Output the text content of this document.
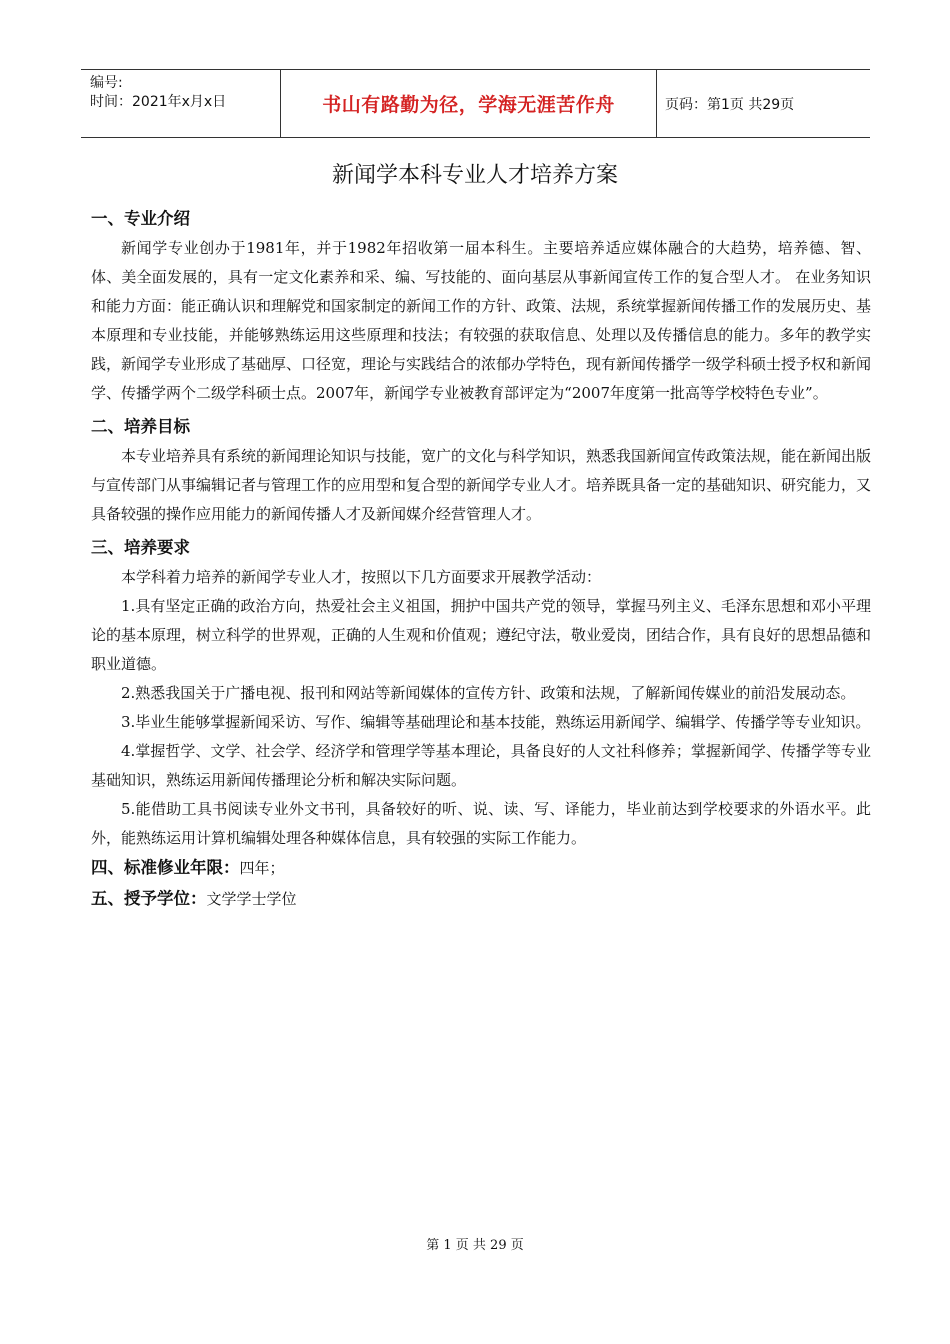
编号:
时间：2021年x月x日	书山有路勤为径，学海无涯苦作舟	页码：第1页 共29页
新闻学本科专业人才培养方案
一、专业介绍

新闻学专业创办于1981年，并于1982年招收第一届本科生。主要培养适应媒体融合的大趋势，培养德、智、体、美全面发展的，具有一定文化素养和采、编、写技能的、面向基层从事新闻宣传工作的复合型人才。 在业务知识和能力方面：能正确认识和理解党和国家制定的新闻工作的方针、政策、法规，系统掌握新闻传播工作的发展历史、基本原理和专业技能，并能够熟练运用这些原理和技法；有较强的获取信息、处理以及传播信息的能力。多年的教学实践，新闻学专业形成了基础厚、口径宽，理论与实践结合的浓郁办学特色，现有新闻传播学一级学科硕士授予权和新闻学、传播学两个二级学科硕士点。2007年，新闻学专业被教育部评定为“2007年度第一批高等学校特色专业”。

二、培养目标

本专业培养具有系统的新闻理论知识与技能，宽广的文化与科学知识，熟悉我国新闻宣传政策法规，能在新闻出版与宣传部门从事编辑记者与管理工作的应用型和复合型的新闻学专业人才。培养既具备一定的基础知识、研究能力，又具备较强的操作应用能力的新闻传播人才及新闻媒介经营管理人才。

三、培养要求

本学科着力培养的新闻学专业人才，按照以下几方面要求开展教学活动：

1.具有坚定正确的政治方向，热爱社会主义祖国，拥护中国共产党的领导，掌握马列主义、毛泽东思想和邓小平理论的基本原理，树立科学的世界观，正确的人生观和价值观；遵纪守法，敬业爱岗，团结合作，具有良好的思想品德和职业道德。

2.熟悉我国关于广播电视、报刊和网站等新闻媒体的宣传方针、政策和法规，了解新闻传媒业的前沿发展动态。

3.毕业生能够掌握新闻采访、写作、编辑等基础理论和基本技能，熟练运用新闻学、编辑学、传播学等专业知识。

4.掌握哲学、文学、社会学、经济学和管理学等基本理论，具备良好的人文社科修养；掌握新闻学、传播学等专业基础知识，熟练运用新闻传播理论分析和解决实际问题。

5.能借助工具书阅读专业外文书刊，具备较好的听、说、读、写、译能力，毕业前达到学校要求的外语水平。此外，能熟练运用计算机编辑处理各种媒体信息，具有较强的实际工作能力。

四、标准修业年限：四年；
五、授予学位：文学学士学位
第 1 页 共 29 页
